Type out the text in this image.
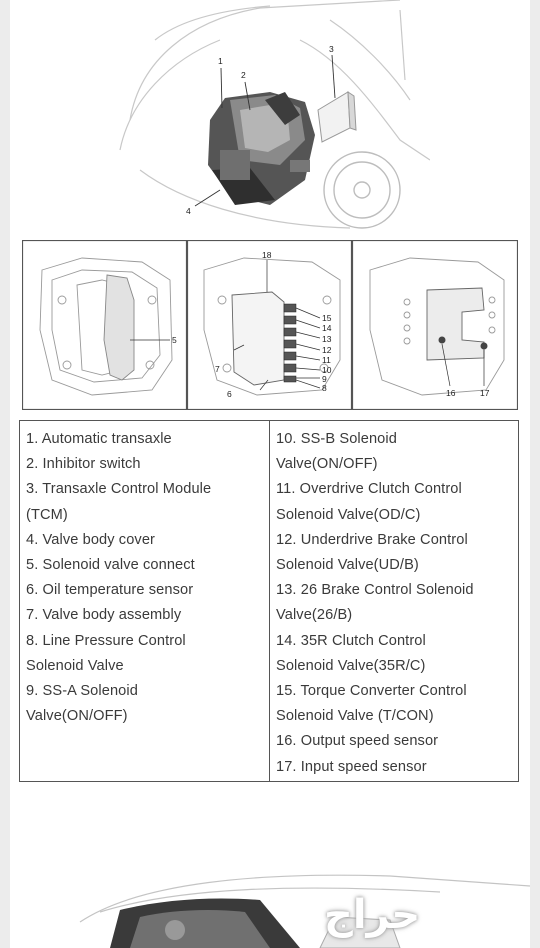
1
2
3
4
5
18
15
14
13
12
11
10
9
8
7
6	16	17
1. Automatic transaxle
2. Inhibitor switch
3. Transaxle Control Module
(TCM)
4. Valve body cover
5. Solenoid valve connect
6. Oil temperature sensor
7. Valve body assembly
8. Line Pressure Control
Solenoid Valve
9. SS-A Solenoid
Valve(ON/OFF)
10. SS-B Solenoid
Valve(ON/OFF)
11. Overdrive Clutch Control
Solenoid Valve(OD/C)
12. Underdrive Brake Control
Solenoid Valve(UD/B)
13. 26 Brake Control Solenoid
Valve(26/B)
14. 35R Clutch Control
Solenoid Valve(35R/C)
15. Torque Converter Control
Solenoid Valve (T/CON)
16. Output speed sensor
17. Input speed sensor
حراج
